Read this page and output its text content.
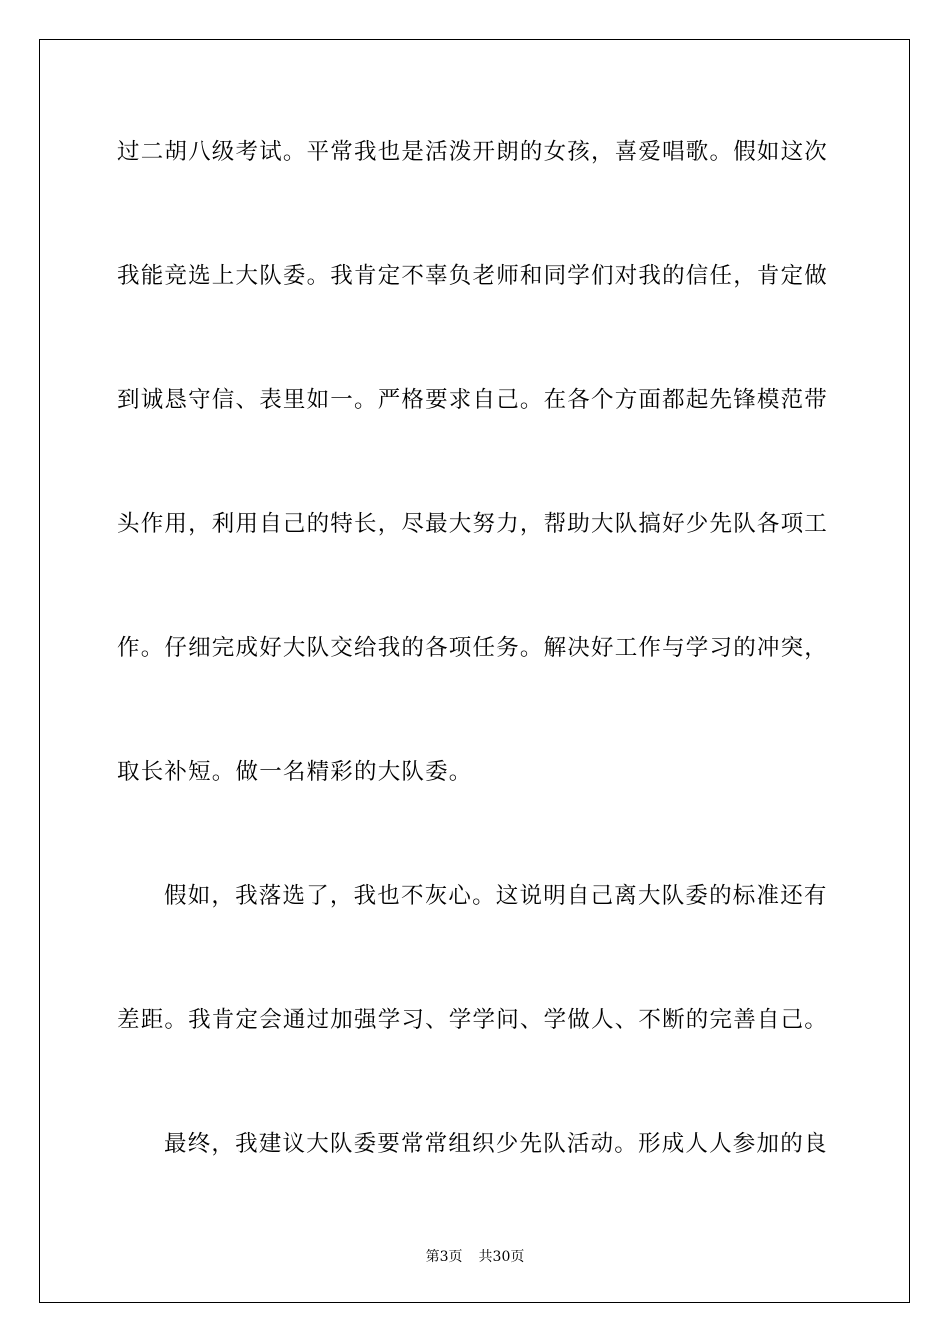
过二胡八级考试。平常我也是活泼开朗的女孩，喜爱唱歌。假如这次
我能竞选上大队委。我肯定不辜负老师和同学们对我的信任，肯定做
到诚恳守信、表里如一。严格要求自己。在各个方面都起先锋模范带
头作用，利用自己的特长，尽最大努力，帮助大队搞好少先队各项工
作。仔细完成好大队交给我的各项任务。解决好工作与学习的冲突，
取长补短。做一名精彩的大队委。
假如，我落选了，我也不灰心。这说明自己离大队委的标准还有
差距。我肯定会通过加强学习、学学问、学做人、不断的完善自己。
最终，我建议大队委要常常组织少先队活动。形成人人参加的良
第3页 共30页
